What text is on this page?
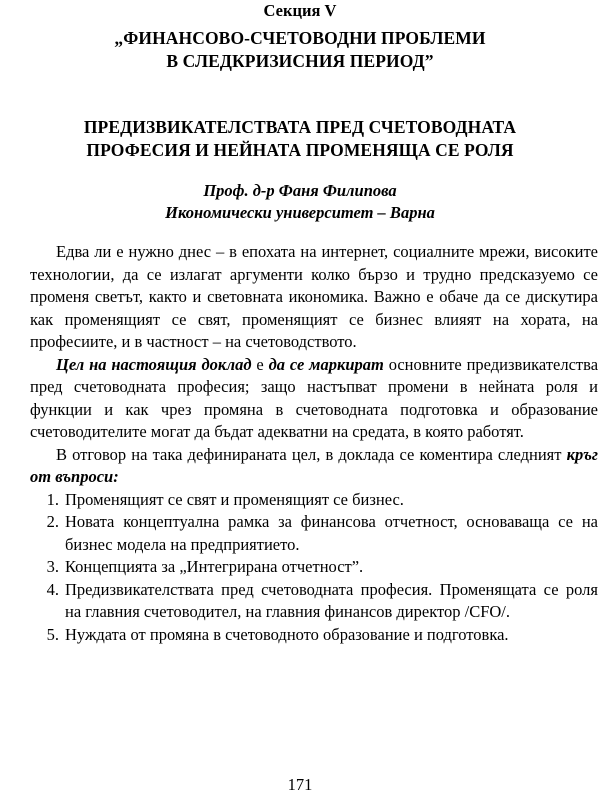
Секция V
„ФИНАНСОВО-СЧЕТОВОДНИ ПРОБЛЕМИ
В СЛЕДКРИЗИСНИЯ ПЕРИОД”
ПРЕДИЗВИКАТЕЛСТВАТА ПРЕД СЧЕТОВОДНАТА
ПРОФЕСИЯ И НЕЙНАТА ПРОМЕНЯЩА СЕ РОЛЯ
Проф. д-р Фаня Филипова
Икономически университет – Варна

Едва ли е нужно днес – в епохата на интернет, социалните мрежи, високите технологии, да се излагат аргументи колко бързо и трудно предсказуемо се променя светът, както и световната икономика. Важно е обаче да се дискутира как променящият се свят, променящият се бизнес влияят на хората, на професиите, и в частност – на счетоводството.

Цел на настоящия доклад е да се маркират основните предизвикателства пред счетоводната професия; защо настъпват промени в нейната роля и функции и как чрез промяна в счетоводната подготовка и образование счетоводителите могат да бъдат адекватни на средата, в която работят.

В отговор на така дефинираната цел, в доклада се коментира следният кръг от въпроси:

1. Променящият се свят и променящият се бизнес.
2. Новата концептуална рамка за финансова отчетност, основаваща се на бизнес модела на предприятието.
3. Концепцията за „Интегрирана отчетност”.
4. Предизвикателствата пред счетоводната професия. Променящата се роля на главния счетоводител, на главния финансов директор /CFO/.
5. Нуждата от промяна в счетоводното образование и подготовка.
171
